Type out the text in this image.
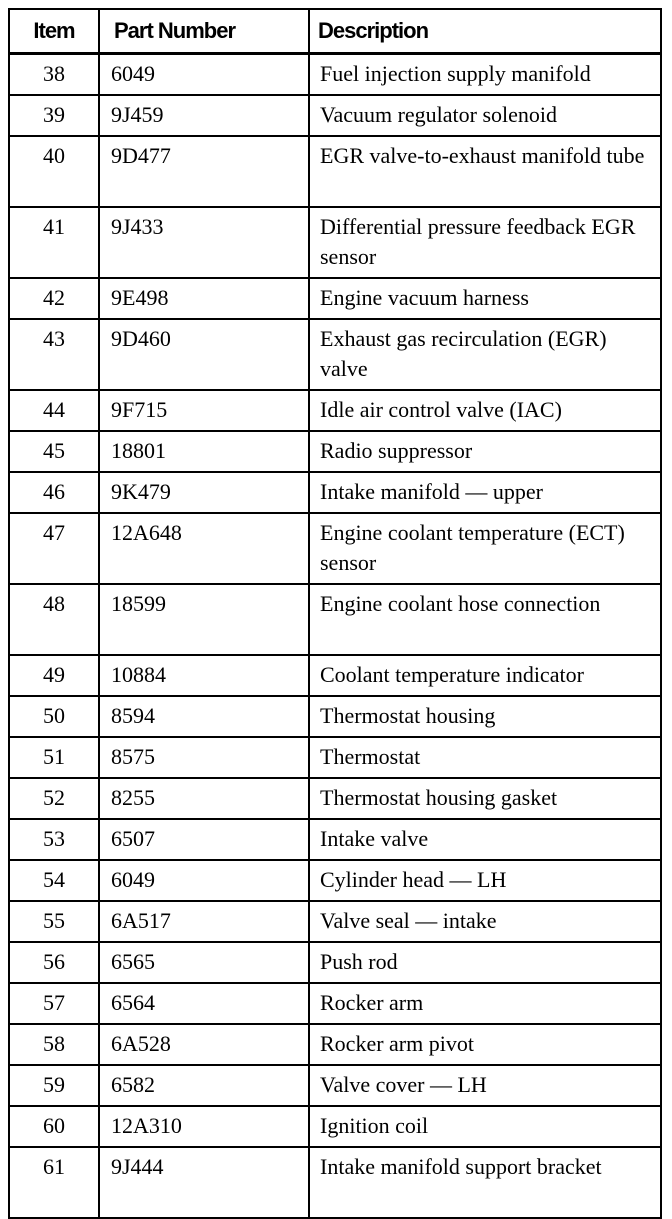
Item	Part Number	Description
38	6049	Fuel injection supply manifold
39	9J459	Vacuum regulator solenoid
40	9D477	EGR valve-to-exhaust manifold tube
41	9J433	Differential pressure feedback EGR sensor
42	9E498	Engine vacuum harness
43	9D460	Exhaust gas recirculation (EGR) valve
44	9F715	Idle air control valve (IAC)
45	18801	Radio suppressor
46	9K479	Intake manifold — upper
47	12A648	Engine coolant temperature (ECT) sensor
48	18599	Engine coolant hose connection
49	10884	Coolant temperature indicator
50	8594	Thermostat housing
51	8575	Thermostat
52	8255	Thermostat housing gasket
53	6507	Intake valve
54	6049	Cylinder head — LH
55	6A517	Valve seal — intake
56	6565	Push rod
57	6564	Rocker arm
58	6A528	Rocker arm pivot
59	6582	Valve cover — LH
60	12A310	Ignition coil
61	9J444	Intake manifold support bracket
